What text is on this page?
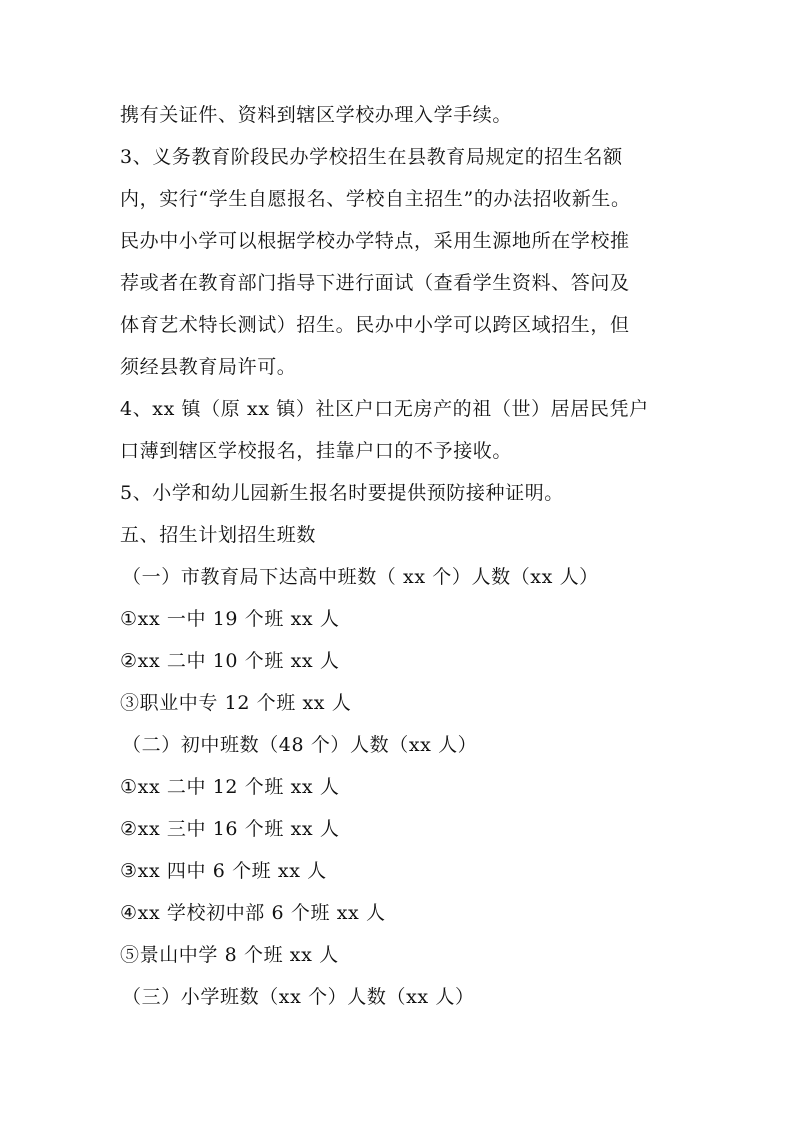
携有关证件、资料到辖区学校办理入学手续。

3、义务教育阶段民办学校招生在县教育局规定的招生名额

内，实行“学生自愿报名、学校自主招生”的办法招收新生。

民办中小学可以根据学校办学特点，采用生源地所在学校推

荐或者在教育部门指导下进行面试（查看学生资料、答问及

体育艺术特长测试）招生。民办中小学可以跨区域招生，但

须经县教育局许可。

4、xx 镇（原 xx 镇）社区户口无房产的祖（世）居居民凭户

口薄到辖区学校报名，挂靠户口的不予接收。

5、小学和幼儿园新生报名时要提供预防接种证明。

五、招生计划招生班数

（一）市教育局下达高中班数（ xx 个）人数（xx 人）

①xx 一中 19 个班 xx 人

②xx 二中 10 个班 xx 人

③职业中专 12 个班 xx 人

（二）初中班数（48 个）人数（xx 人）

①xx 二中 12 个班 xx 人

②xx 三中 16 个班 xx 人

③xx 四中 6 个班 xx 人

④xx 学校初中部 6 个班 xx 人

⑤景山中学 8 个班 xx 人

（三）小学班数（xx 个）人数（xx 人）
